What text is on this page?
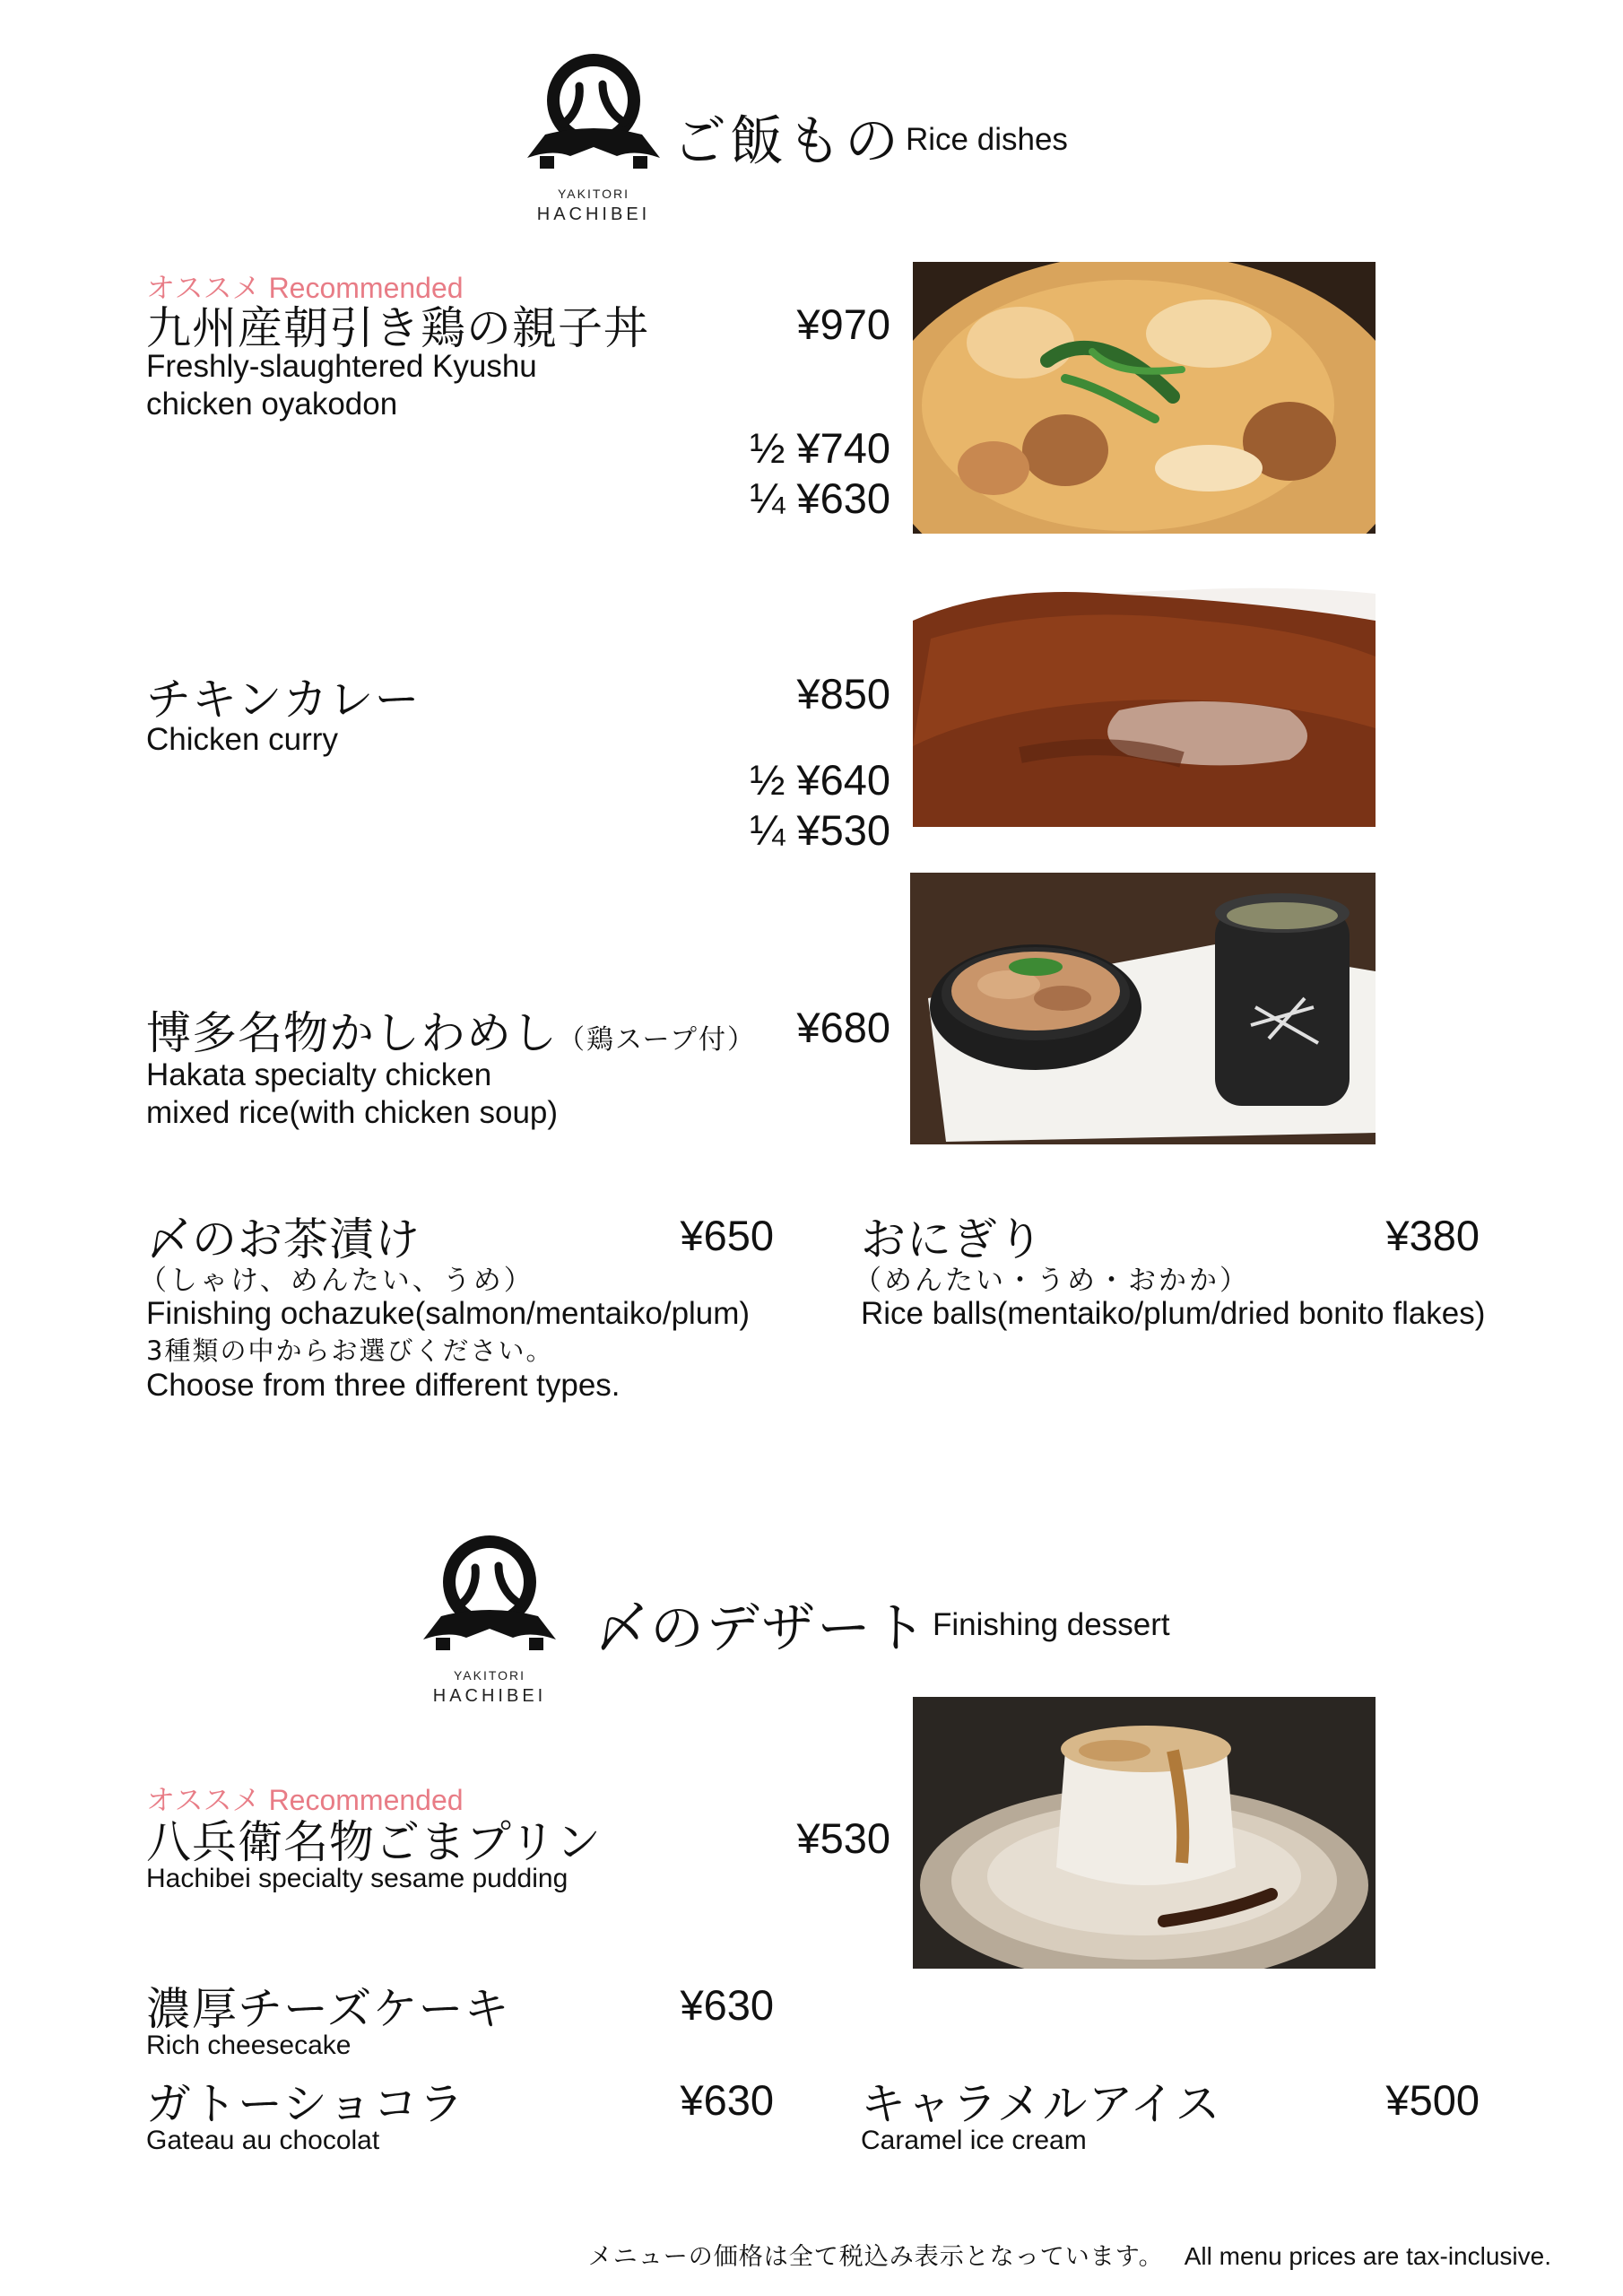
YAKITORI
HACHIBEI
ご飯もの Rice dishes
オススメ Recommended
九州産朝引き鶏の親子丼	¥970
Freshly-slaughtered Kyushu
chicken oyakodon
½ ¥740
¼ ¥630
チキンカレー	¥850
Chicken curry
½ ¥640
¼ ¥530
博多名物かしわめし（鶏スープ付） ¥680
Hakata specialty chicken
mixed rice(with chicken soup)
〆のお茶漬け	¥650
（しゃけ、めんたい、うめ）
Finishing ochazuke(salmon/mentaiko/plum)
3種類の中からお選びください。
Choose from three different types.
おにぎり	¥380
（めんたい・うめ・おかか）
Rice balls(mentaiko/plum/dried bonito flakes)
YAKITORI
HACHIBEI
〆のデザート Finishing dessert
オススメ Recommended
八兵衛名物ごまプリン	¥530
Hachibei specialty sesame pudding
濃厚チーズケーキ	¥630
Rich cheesecake
ガトーショコラ	¥630
Gateau au chocolat
キャラメルアイス	¥500
Caramel ice cream
メニューの価格は全て税込み表示となっています。 All menu prices are tax-inclusive.
